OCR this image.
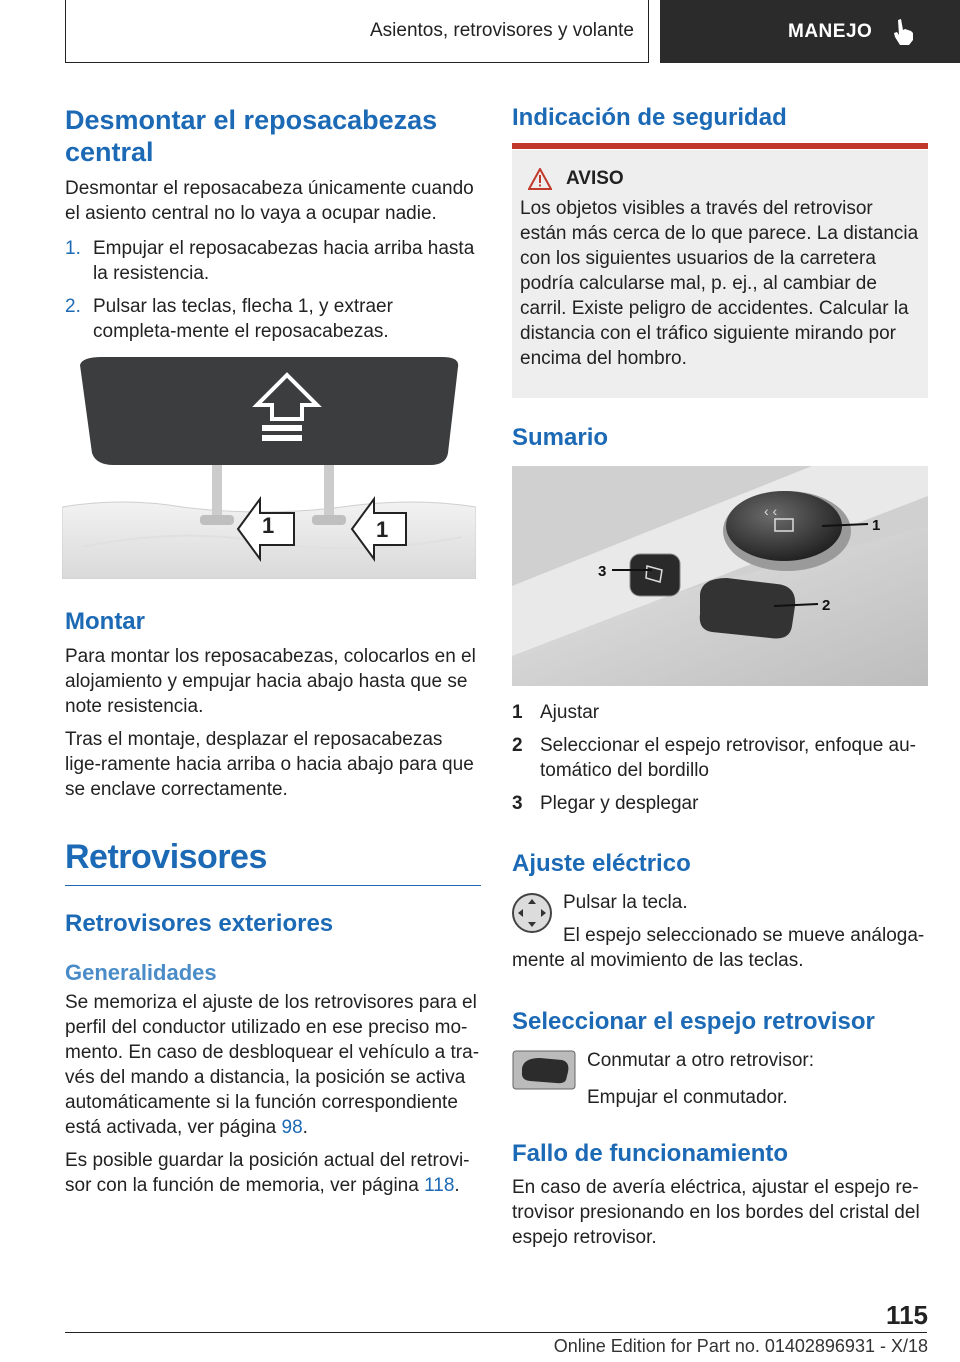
Asientos, retrovisores y volante	MANEJO
Desmontar el reposacabezas central

Desmontar el reposacabeza únicamente cuando el asiento central no lo vaya a ocupar nadie.

1. Empujar el reposacabezas hacia arriba hasta la resistencia.
2. Pulsar las teclas, flecha 1, y extraer completa-mente el reposacabezas.
1	1
Montar

Para montar los reposacabezas, colocarlos en el alojamiento y empujar hacia abajo hasta que se note resistencia.

Tras el montaje, desplazar el reposacabezas lige-ramente hacia arriba o hacia abajo para que se enclave correctamente.

Retrovisores
Retrovisores exteriores
Generalidades

Se memoriza el ajuste de los retrovisores para el perfil del conductor utilizado en ese preciso mo-mento. En caso de desbloquear el vehículo a tra-vés del mando a distancia, la posición se activa automáticamente si la función correspondiente está activada, ver página 98.

Es posible guardar la posición actual del retrovi-sor con la función de memoria, ver página 118.

Indicación de seguridad
AVISO

Los objetos visibles a través del retrovisor están más cerca de lo que parece. La distancia con los siguientes usuarios de la carretera podría calcularse mal, p. ej., al cambiar de carril. Existe peligro de accidentes. Calcular la distancia con el tráfico siguiente mirando por encima del hombro.

Sumario
‹ ‹
1
2
3
1 Ajustar
2 Seleccionar el espejo retrovisor, enfoque au-tomático del bordillo
3 Plegar y desplegar
Ajuste eléctrico

Pulsar la tecla.

El espejo seleccionado se mueve análoga-

mente al movimiento de las teclas.

Seleccionar el espejo retrovisor

Conmutar a otro retrovisor:

Empujar el conmutador.

Fallo de funcionamiento

En caso de avería eléctrica, ajustar el espejo re-trovisor presionando en los bordes del cristal del espejo retrovisor.

115
Online Edition for Part no. 01402896931 - X/18
